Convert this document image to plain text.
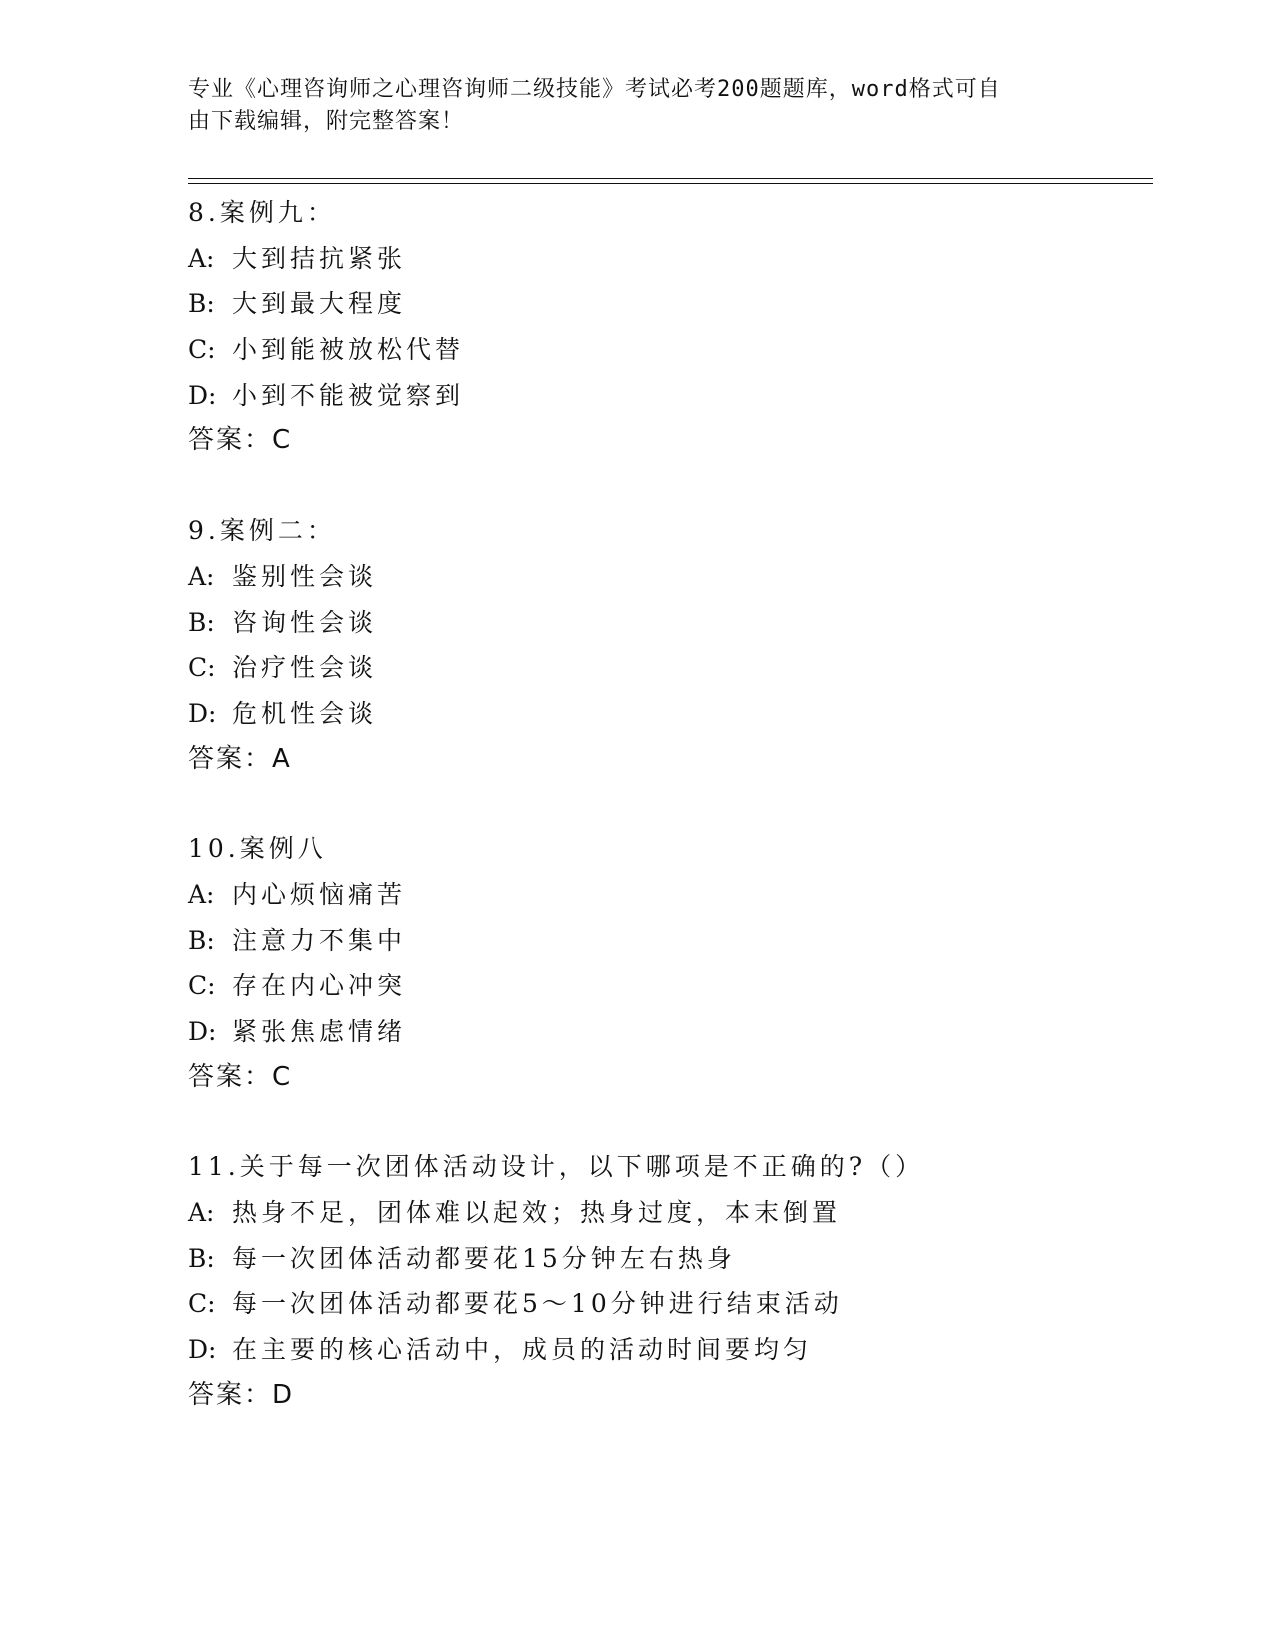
专业《心理咨询师之心理咨询师二级技能》考试必考200题题库，word格式可自
由下载编辑，附完整答案！
8.案例九：
A: 大到拮抗紧张
B: 大到最大程度
C: 小到能被放松代替
D: 小到不能被觉察到
答案：C
9.案例二：
A: 鉴别性会谈
B: 咨询性会谈
C: 治疗性会谈
D: 危机性会谈
答案：A
10.案例八
A: 内心烦恼痛苦
B: 注意力不集中
C: 存在内心冲突
D: 紧张焦虑情绪
答案：C
11.关于每一次团体活动设计，以下哪项是不正确的?（）
A: 热身不足，团体难以起效；热身过度，本末倒置
B: 每一次团体活动都要花15分钟左右热身
C: 每一次团体活动都要花5～10分钟进行结束活动
D: 在主要的核心活动中，成员的活动时间要均匀
答案：D
